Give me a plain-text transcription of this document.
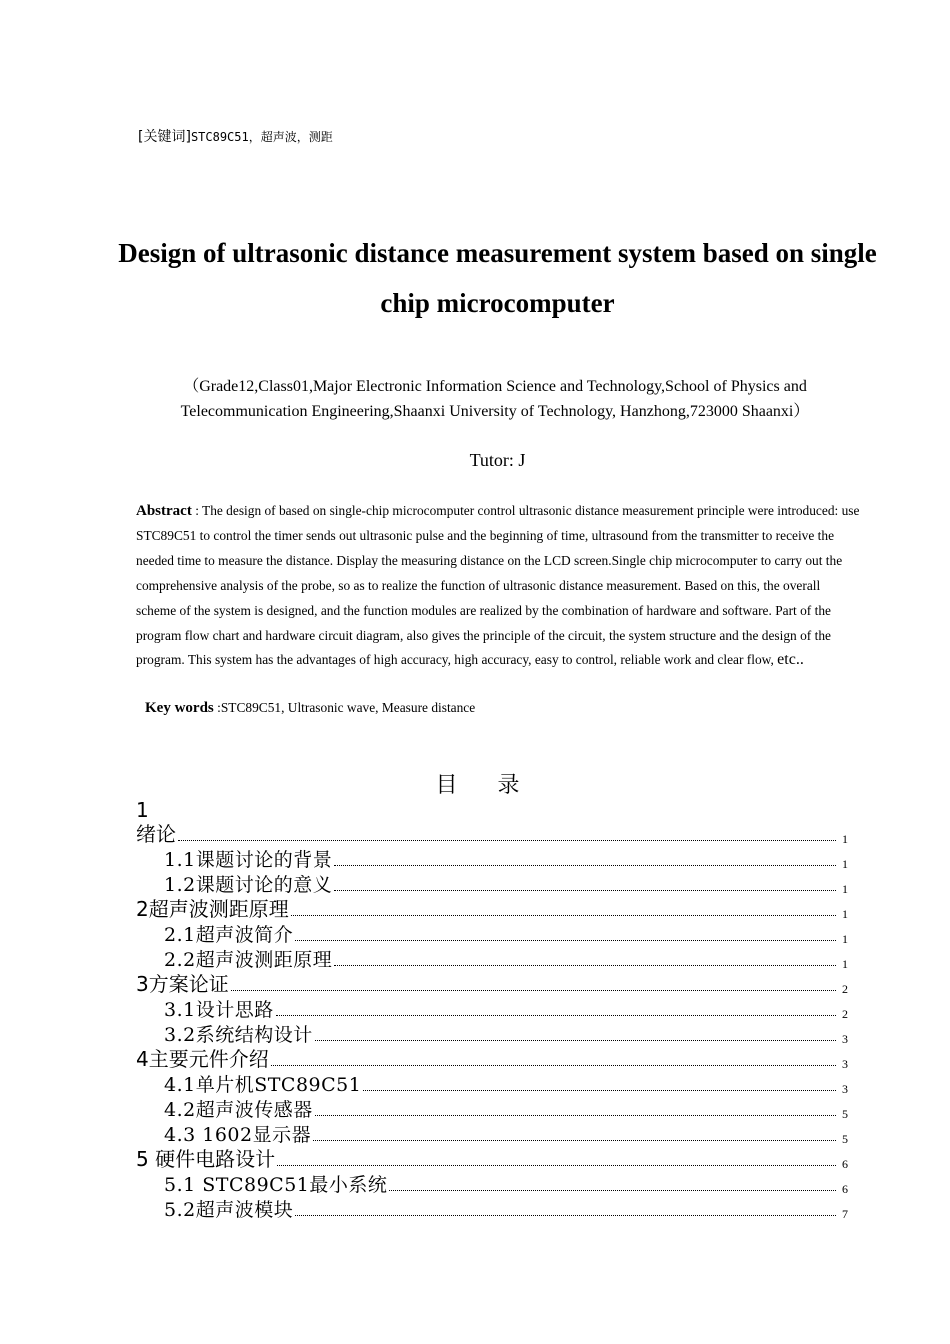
[关键词]STC89C51，超声波，测距
Design of ultrasonic distance measurement system based on single chip microcomputer
（Grade12,Class01,Major Electronic Information Science and Technology,School of Physics and Telecommunication Engineering,Shaanxi University of Technology, Hanzhong,723000 Shaanxi）
Tutor: J
Abstract : The design of based on single-chip microcomputer control ultrasonic distance measurement principle were introduced: use STC89C51 to control the timer sends out ultrasonic pulse and the beginning of time, ultrasound from the transmitter to receive the needed time to measure the distance. Display the measuring distance on the LCD screen.Single chip microcomputer to carry out the comprehensive analysis of the probe, so as to realize the function of ultrasonic distance measurement. Based on this, the overall scheme of the system is designed, and the function modules are realized by the combination of hardware and software. Part of the program flow chart and hardware circuit diagram, also gives the principle of the circuit, the system structure and the design of the program. This system has the advantages of high accuracy, high accuracy, easy to control, reliable work and clear flow, etc..
Key words :STC89C51, Ultrasonic wave, Measure distance
目录
1
绪论	1
1.1课题讨论的背景	1
1.2课题讨论的意义	1
2超声波测距原理	1
2.1超声波简介	1
2.2超声波测距原理	1
3方案论证	2
3.1设计思路	2
3.2系统结构设计	3
4主要元件介绍	3
4.1单片机STC89C51	3
4.2超声波传感器	5
4.3 1602显示器	5
5 硬件电路设计	6
5.1 STC89C51最小系统	6
5.2超声波模块	7
